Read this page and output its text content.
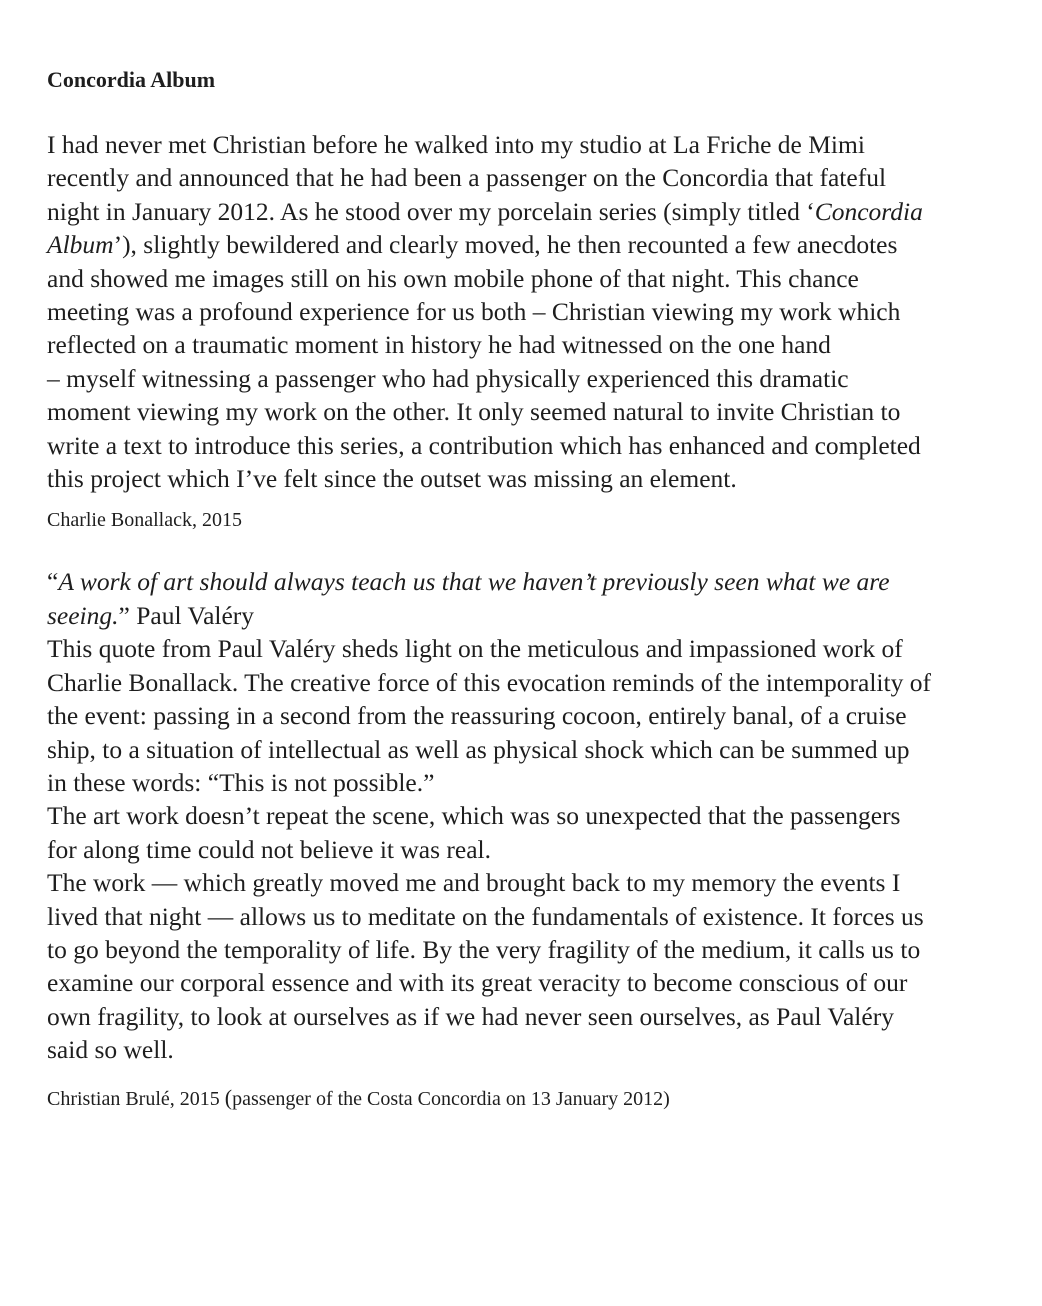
Concordia Album

I had never met Christian before he walked into my studio at La Friche de Mimi
recently and announced that he had been a passenger on the Concordia that fateful
night in January 2012. As he stood over my porcelain series (simply titled ‘Concordia
Album’), slightly bewildered and clearly moved, he then recounted a few anecdotes
and showed me images still on his own mobile phone of that night. This chance
meeting was a profound experience for us both – Christian viewing my work which
reflected on a traumatic moment in history he had witnessed on the one hand
– myself witnessing a passenger who had physically experienced this dramatic
moment viewing my work on the other. It only seemed natural to invite Christian to
write a text to introduce this series, a contribution which has enhanced and completed
this project which I’ve felt since the outset was missing an element.

Charlie Bonallack, 2015

“A work of art should always teach us that we haven’t previously seen what we are
seeing.” Paul Valéry

This quote from Paul Valéry sheds light on the meticulous and impassioned work of
Charlie Bonallack. The creative force of this evocation reminds of the intemporality of
the event: passing in a second from the reassuring cocoon, entirely banal, of a cruise
ship, to a situation of intellectual as well as physical shock which can be summed up
in these words: “This is not possible.”
The art work doesn’t repeat the scene, which was so unexpected that the passengers
for along time could not believe it was real.
The work — which greatly moved me and brought back to my memory the events I
lived that night — allows us to meditate on the fundamentals of existence. It forces us
to go beyond the temporality of life. By the very fragility of the medium, it calls us to
examine our corporal essence and with its great veracity to become conscious of our
own fragility, to look at ourselves as if we had never seen ourselves, as Paul Valéry
said so well.

Christian Brulé, 2015 (passenger of the Costa Concordia on 13 January 2012)
